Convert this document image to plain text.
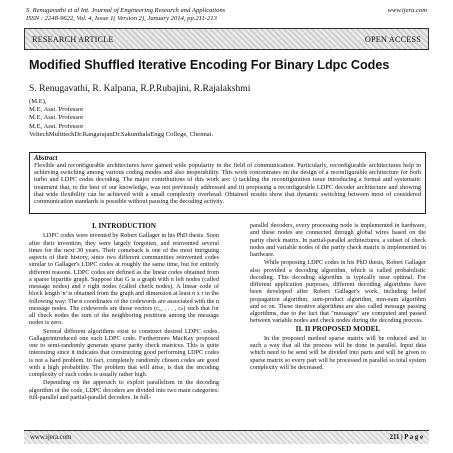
S. Renugavathi et al Int. Journal of Engineering Research and Applications	www.ijera.com
ISSN : 2248-9622, Vol. 4, Issue 1( Version 2), January 2014, pp.211-213
RESEARCH ARTICLE	OPEN ACCESS
Modified Shuffled Iterative Encoding For Binary Ldpc Codes
S. Renugavathi, R. Kalpana, R.P.Rubajini, R.Rajalakshmi
(M.E),
M.E, Asst. Professor
M.E, Asst. Professor
M.E, Asst. Professor
VeltechMultitechDr.RangarajanDr.SakunthalaEngg College, Chennai.
Abstract
Flexible and reconfigurable architectures have gained wide popularity in the field of communication. Particularly, reconfigurable architectures help in achieving switching among various coding modes and also inoperability. This work concentrates on the design of a reconfigurable architecture for both turbo and LDPC codes decoding. The major contributions of this work are: i) tackling the reconfiguration issue introducing a formal and systematic treatment that, to the best of our knowledge, was not previously addressed and ii) proposing a reconfigurable LDPC decoder architecture and showing that wide flexibility can be achieved with a small complexity overhead. Obtained results show that dynamic switching between most of considered communication standards is possible without pausing the decoding activity.
I. INTRODUCTION

LDPC codes were invented by Robert Gallager in his PhD thesis. Soon after their invention, they were largely forgotten, and reinvented several times for the next 30 years. Their comeback is one of the most intriguing aspects of their history, since two different communities reinvented codes similar to Gallager's LDPC codes at roughly the same time, but for entirely different reasons. LDPC codes are defined as the linear codes obtained from a sparse bipartite graph. Suppose that G is a graph with n left nodes (called message nodes) and r right nodes (called check nodes). A linear code of block length 'n' is obtained from the graph and dimension at least n x r in the following way: The n coordinates of the codewords are associated with the n message nodes. The codewords are those vectors (c₁, . . . , cₙ) such that for all check nodes the sum of the neighboring positions among the message nodes is zero.

Several different algorithms exist to construct desired LDPC codes. Gallagerintroduced one such LDPC code. Furthermore MacKay proposed one to semi-randomly generate sparse parity check matrices. This is quite interesting since it indicates that constructing good performing LDPC codes is not a hard problem. In fact, completely randomly chosen codes are good with a high probability. The problem that will arise, is that the encoding complexity of such codes is usually rather high.

Depending on the approach to exploit parallelism in the decoding algorithm of the code, LDPC decoders are divided into two main categories: full-parallel and partial-parallel decoders. In full-

parallel decoders, every processing node is implemented in hardware, and these nodes are connected through global wires based on the parity check matrix. In partial-parallel architectures, a subset of check nodes and variable nodes of the parity check matrix is implemented in hardware.

While proposing LDPC codes in his PhD thesis, Robert Gallager also provided a decoding algorithm, which is called probabilistic decoding. This decoding algorithm is typically near optimal. For different application purposes, different decoding algorithms have been developed after Robert Gallager's work, including belief propagation algorithm, sum-product algorithm, min-sum algorithm and so on. These iterative algorithms are also called message passing algorithms, due to the fact that "messages" are computed and passed between variable nodes and check nodes during the decoding process.

II. II PROPOSED MODEL

In the proposed method sparse matrix will be reduced and in such a way that all the process will be done in parallel. Input data which need to be send will be divided into parts and will be given to sparse matrix so every part will be processed in parallel so total system complexity will be decreased.

www.ijera.com	211 | P a g e
